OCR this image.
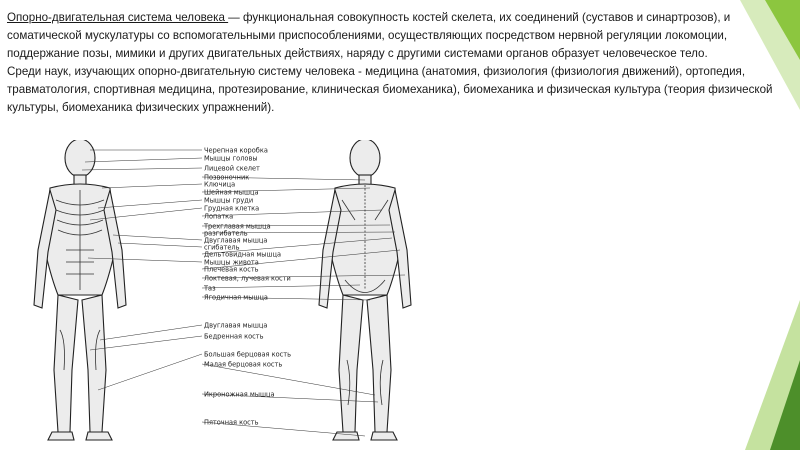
Опорно-двигательная система человека — функциональная совокупность костей скелета, их соединений (суставов и синартрозов), и соматической мускулатуры со вспомогательными приспособлениями, осуществляющих посредством нервной регуляции локомоции, поддержание позы, мимики и других двигательных действиях, наряду с другими системами органов образует человеческое тело.

Среди наук, изучающих опорно-двигательную систему человека - медицина (анатомия, физиология (физиология движений), ортопедия, травматология, спортивная медицина, протезирование, клиническая биомеханика), биомеханика и физическая культура (теория физической культуры, биомеханика физических упражнений).

Черепная коробка
Мышцы головы
Лицевой скелет
Позвоночник
Ключица
Шейная мышца
Мышцы груди
Грудная клетка
Лопатка
Трехглавая мышца
разгибатель
Двуглавая мышца
сгибатель
Дельтовидная мышца
Мышцы живота
Плечевая кость
Локтевая, лучевая кости
Таз
Ягодичная мышца
Двуглавая мышца
Бедренная кость
Большая берцовая кость
Малая берцовая кость
Икроножная мышца
Пяточная кость
